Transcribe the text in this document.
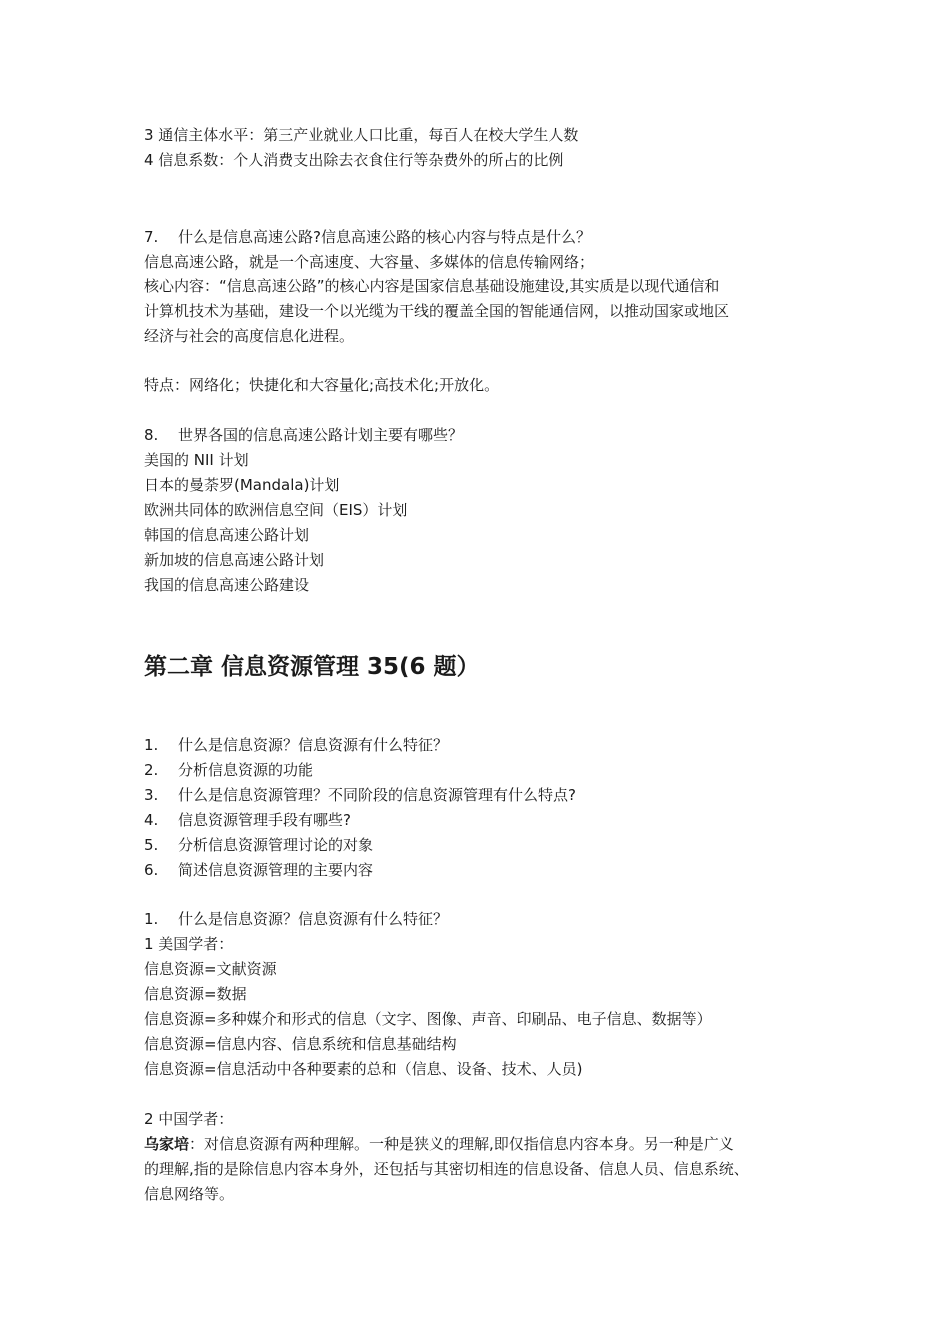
3 通信主体水平：第三产业就业人口比重，每百人在校大学生人数
4 信息系数：个人消费支出除去衣食住行等杂费外的所占的比例
7. 什么是信息高速公路?信息高速公路的核心内容与特点是什么？
信息高速公路，就是一个高速度、大容量、多媒体的信息传输网络；
核心内容：“信息高速公路”的核心内容是国家信息基础设施建设,其实质是以现代通信和
计算机技术为基础，建设一个以光缆为干线的覆盖全国的智能通信网，以推动国家或地区
经济与社会的高度信息化进程。
特点：网络化；快捷化和大容量化;高技术化;开放化。
8. 世界各国的信息高速公路计划主要有哪些？
美国的 NII 计划
日本的曼荼罗(Mandala)计划
欧洲共同体的欧洲信息空间（EIS）计划
韩国的信息高速公路计划
新加坡的信息高速公路计划
我国的信息高速公路建设
第二章 信息资源管理 35(6 题）
1. 什么是信息资源？信息资源有什么特征？
2. 分析信息资源的功能
3. 什么是信息资源管理？不同阶段的信息资源管理有什么特点?
4. 信息资源管理手段有哪些?
5. 分析信息资源管理讨论的对象
6. 简述信息资源管理的主要内容
1. 什么是信息资源？信息资源有什么特征？
1 美国学者：
信息资源=文献资源
信息资源=数据
信息资源=多种媒介和形式的信息（文字、图像、声音、印刷品、电子信息、数据等）
信息资源=信息内容、信息系统和信息基础结构
信息资源=信息活动中各种要素的总和（信息、设备、技术、人员)
2 中国学者：
乌家培：对信息资源有两种理解。一种是狭义的理解,即仅指信息内容本身。另一种是广义
的理解,指的是除信息内容本身外，还包括与其密切相连的信息设备、信息人员、信息系统、
信息网络等。
